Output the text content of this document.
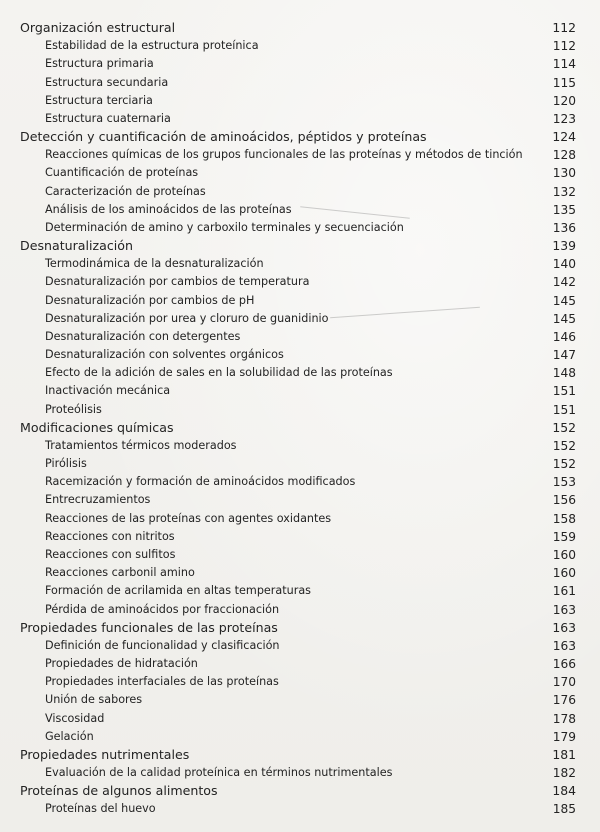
Organización estructural	112
Estabilidad de la estructura proteínica	112
Estructura primaria	114
Estructura secundaria	115
Estructura terciaria	120
Estructura cuaternaria	123
Detección y cuantificación de aminoácidos, péptidos y proteínas	124
Reacciones químicas de los grupos funcionales de las proteínas y métodos de tinción 128
Cuantificación de proteínas	130
Caracterización de proteínas	132
Análisis de los aminoácidos de las proteínas	135
Determinación de amino y carboxilo terminales y secuenciación	136
Desnaturalización	139
Termodinámica de la desnaturalización	140
Desnaturalización por cambios de temperatura	142
Desnaturalización por cambios de pH	145
Desnaturalización por urea y cloruro de guanidinio	145
Desnaturalización con detergentes	146
Desnaturalización con solventes orgánicos	147
Efecto de la adición de sales en la solubilidad de las proteínas	148
Inactivación mecánica	151
Proteólisis	151
Modificaciones químicas	152
Tratamientos térmicos moderados	152
Pirólisis	152
Racemización y formación de aminoácidos modificados	153
Entrecruzamientos	156
Reacciones de las proteínas con agentes oxidantes	158
Reacciones con nitritos	159
Reacciones con sulfitos	160
Reacciones carbonil amino	160
Formación de acrilamida en altas temperaturas	161
Pérdida de aminoácidos por fraccionación	163
Propiedades funcionales de las proteínas	163
Definición de funcionalidad y clasificación	163
Propiedades de hidratación	166
Propiedades interfaciales de las proteínas	170
Unión de sabores	176
Viscosidad	178
Gelación	179
Propiedades nutrimentales	181
Evaluación de la calidad proteínica en términos nutrimentales	182
Proteínas de algunos alimentos	184
Proteínas del huevo	185
